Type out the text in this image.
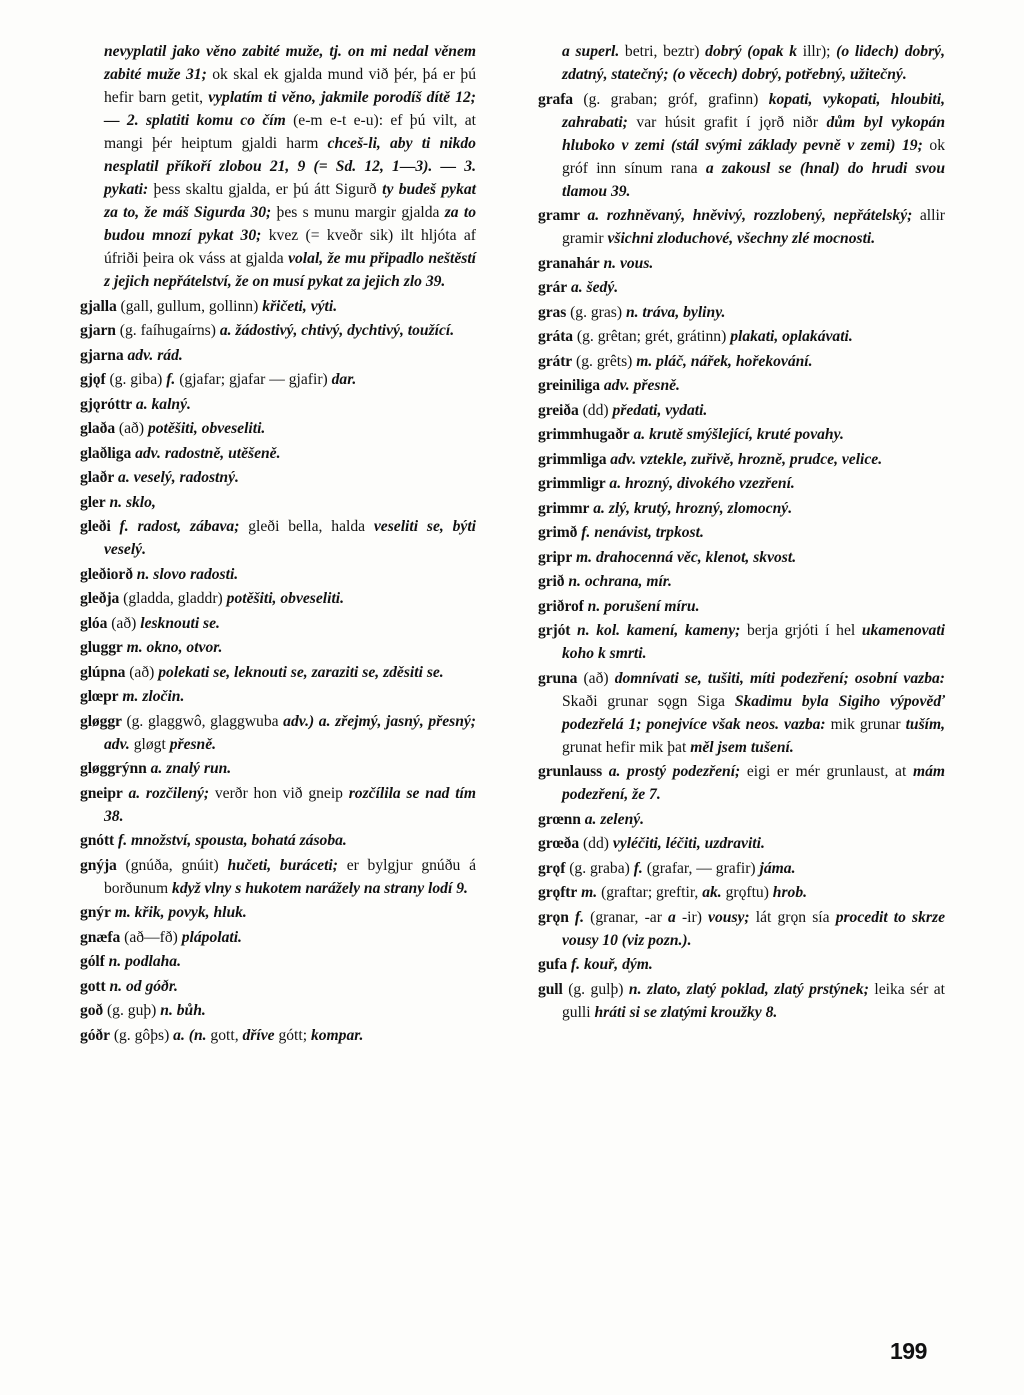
nevyplatil jako věno zabité muže, tj. on mi nedal věnem zabité muže 31; ok skal ek gjalda mund við þér, þá er þú hefir barn getit, vyplatím ti věno, jakmile porodíš dítě 12; — 2. splatiti komu co čím (e-m e-t e-u): ef þú vilt, at mangi þér heiptum gjaldi harm chceš-li, aby ti nikdo nesplatil příkoří zlobou 21, 9 (= Sd. 12, 1—3). — 3. pykati: þess skaltu gjalda, er þú átt Sigurð ty budeš pykat za to, že máš Sigurda 30; þes s munu margir gjalda za to budou mnozí pykat 30; kvez (= kveðr sik) ilt hljóta af úfriði þeira ok váss at gjalda volal, že mu připadlo neštěstí z jejich nepřátelství, že on musí pykat za jejich zlo 39.
gjalla (gall, gullum, gollinn) křičeti, výti.
gjarn (g. faíhugaírns) a. žádostivý, chtivý, dychtivý, toužící.
gjarna adv. rád.
gjǫf (g. giba) f. (gjafar; gjafar — gjafir) dar.
gjǫróttr a. kalný.
glaða (að) potěšiti, obveseliti.
glaðliga adv. radostně, utěšeně.
glaðr a. veselý, radostný.
gler n. sklo,
gleði f. radost, zábava; gleði bella, halda veseliti se, býti veselý.
gleðiorð n. slovo radosti.
gleðja (gladda, gladdr) potěšiti, obveseliti.
glóa (að) lesknouti se.
gluggr m. okno, otvor.
glúpna (að) polekati se, leknouti se, zaraziti se, zděsiti se.
glœpr m. zločin.
gløggr (g. glaggwô, glaggwuba adv.) a. zřejmý, jasný, přesný; adv. gløgt přesně.
gløggrýnn a. znalý run.
gneipr a. rozčilený; verðr hon við gneip rozčílila se nad tím 38.
gnótt f. množství, spousta, bohatá zásoba.
gnýja (gnúða, gnúit) hučeti, buráceti; er bylgjur gnúðu á borðunum když vlny s hukotem narážely na strany lodí 9.
gnýr m. křik, povyk, hluk.
gnæfa (að—fð) plápolati.
gólf n. podlaha.
gott n. od góðr.
goð (g. guþ) n. bůh.
góðr (g. gôþs) a. (n. gott, dříve gótt; kompar.
a superl. betri, beztr) dobrý (opak k illr); (o lidech) dobrý, zdatný, statečný; (o věcech) dobrý, potřebný, užitečný.
grafa (g. graban; gróf, grafinn) kopati, vykopati, hloubiti, zahrabati; var húsit grafit í jǫrð niðr dům byl vykopán hluboko v zemi (stál svými základy pevně v zemi) 19; ok gróf inn sínum rana a zakousl se (hnal) do hrudi svou tlamou 39.
gramr a. rozhněvaný, hněvivý, rozzlobený, nepřátelský; allir gramir všichni zloduchové, všechny zlé mocnosti.
granahár n. vous.
grár a. šedý.
gras (g. gras) n. tráva, byliny.
gráta (g. grêtan; grét, grátinn) plakati, oplakávati.
grátr (g. grêts) m. pláč, nářek, hořekování.
greiniliga adv. přesně.
greiða (dd) předati, vydati.
grimmhugaðr a. krutě smýšlející, kruté povahy.
grimmliga adv. vztekle, zuřivě, hrozně, prudce, velice.
grimmligr a. hrozný, divokého vzezření.
grimmr a. zlý, krutý, hrozný, zlomocný.
grimð f. nenávist, trpkost.
gripr m. drahocenná věc, klenot, skvost.
grið n. ochrana, mír.
griðrof n. porušení míru.
grjót n. kol. kamení, kameny; berja grjóti í hel ukamenovati koho k smrti.
gruna (að) domnívati se, tušiti, míti podezření; osobní vazba: Skaði grunar sǫgn Siga Skadimu byla Sigiho výpověď podezřelá 1; ponejvíce však neos. vazba: mik grunar tuším, grunat hefir mik þat měl jsem tušení.
grunlauss a. prostý podezření; eigi er mér grunlaust, at mám podezření, že 7.
grœnn a. zelený.
grœða (dd) vyléčiti, léčiti, uzdraviti.
grǫf (g. graba) f. (grafar, — grafir) jáma.
grǫftr m. (graftar; greftir, ak. grǫftu) hrob.
grǫn f. (granar, -ar a -ir) vousy; lát grǫn sía procedit to skrze vousy 10 (viz pozn.).
gufa f. kouř, dým.
gull (g. gulþ) n. zlato, zlatý poklad, zlatý prstýnek; leika sér at gulli hráti si se zlatými kroužky 8.
199
